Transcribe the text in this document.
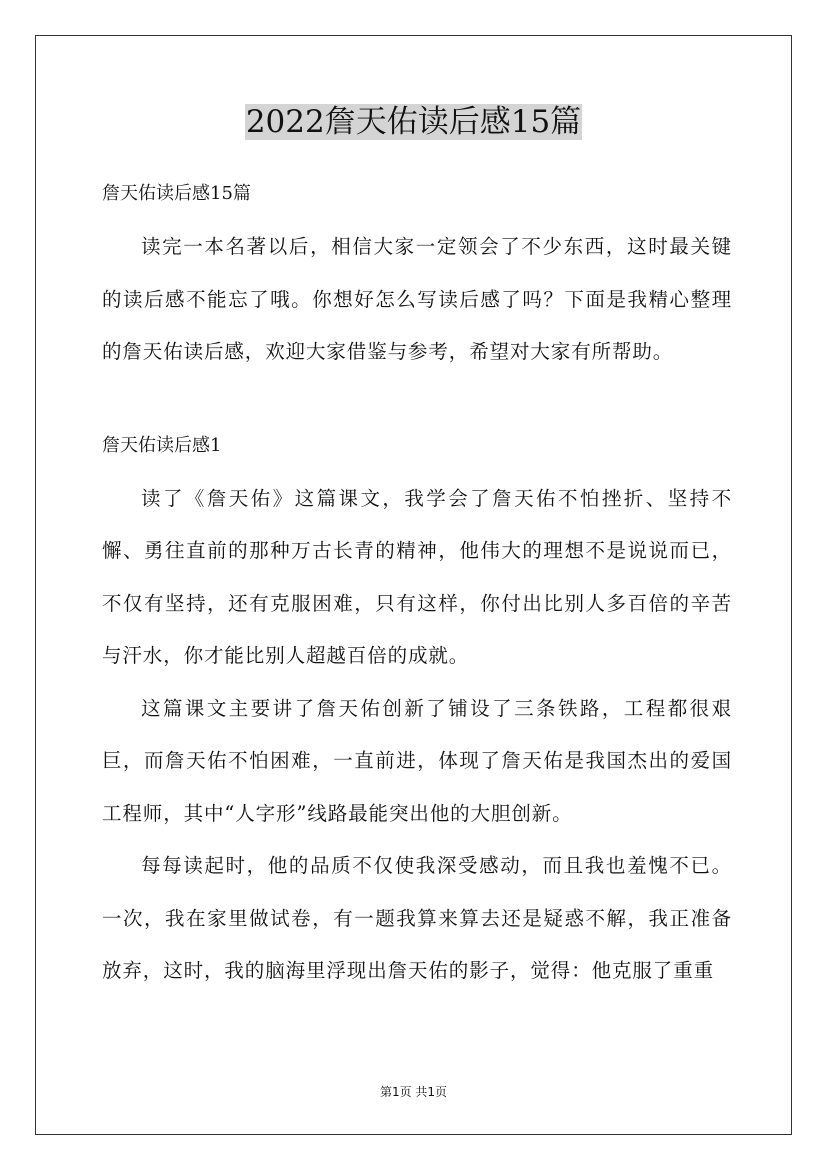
2022詹天佑读后感15篇

詹天佑读后感15篇

读完一本名著以后，相信大家一定领会了不少东西，这时最关键的读后感不能忘了哦。你想好怎么写读后感了吗？下面是我精心整理的詹天佑读后感，欢迎大家借鉴与参考，希望对大家有所帮助。

詹天佑读后感1

读了《詹天佑》这篇课文，我学会了詹天佑不怕挫折、坚持不懈、勇往直前的那种万古长青的精神，他伟大的理想不是说说而已，不仅有坚持，还有克服困难，只有这样，你付出比别人多百倍的辛苦与汗水，你才能比别人超越百倍的成就。

这篇课文主要讲了詹天佑创新了铺设了三条铁路，工程都很艰巨，而詹天佑不怕困难，一直前进，体现了詹天佑是我国杰出的爱国工程师，其中“人字形”线路最能突出他的大胆创新。

每每读起时，他的品质不仅使我深受感动，而且我也羞愧不已。一次，我在家里做试卷，有一题我算来算去还是疑惑不解，我正准备放弃，这时，我的脑海里浮现出詹天佑的影子，觉得：他克服了重重

第1页 共1页
